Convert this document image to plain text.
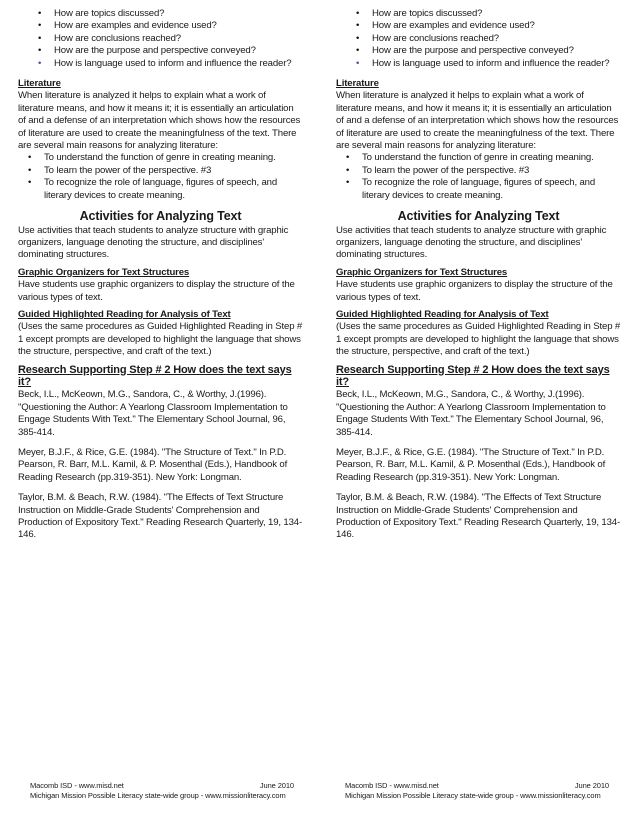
• How are topics discussed?
• How are examples and evidence used?
• How are conclusions reached?
• How are the purpose and perspective conveyed?
• How is language used to inform and influence the reader?
Literature

When literature is analyzed it helps to explain what a work of literature means, and how it means it; it is essentially an articulation of and a defense of an interpretation which shows how the resources of literature are used to create the meaningfulness of the text. There are several main reasons for analyzing literature:

• To understand the function of genre in creating meaning.
• To learn the power of the perspective. #3
• To recognize the role of language, figures of speech, and literary devices to create meaning.
Activities for Analyzing Text

Use activities that teach students to analyze structure with graphic organizers, language denoting the structure, and disciplines' dominating structures.

Graphic Organizers for Text Structures

Have students use graphic organizers to display the structure of the various types of text.

Guided Highlighted Reading for Analysis of Text

(Uses the same procedures as Guided Highlighted Reading in Step # 1 except prompts are developed to highlight the language that shows the structure, perspective, and craft of the text.)

Research Supporting Step # 2 How does the text says it?

Beck, I.L., McKeown, M.G., Sandora, C., & Worthy, J.(1996). "Questioning the Author: A Yearlong Classroom Implementation to Engage Students With Text." The Elementary School Journal, 96, 385-414.

Meyer, B.J.F., & Rice, G.E. (1984). "The Structure of Text." In P.D. Pearson, R. Barr, M.L. Kamil, & P. Mosenthal (Eds.), Handbook of Reading Research (pp.319-351). New York: Longman.

Taylor, B.M. & Beach, R.W. (1984). "The Effects of Text Structure Instruction on Middle-Grade Students' Comprehension and Production of Expository Text." Reading Research Quarterly, 19, 134-146.

• How are topics discussed?
• How are examples and evidence used?
• How are conclusions reached?
• How are the purpose and perspective conveyed?
• How is language used to inform and influence the reader?
Literature

When literature is analyzed it helps to explain what a work of literature means, and how it means it; it is essentially an articulation of and a defense of an interpretation which shows how the resources of literature are used to create the meaningfulness of the text. There are several main reasons for analyzing literature:

• To understand the function of genre in creating meaning.
• To learn the power of the perspective. #3
• To recognize the role of language, figures of speech, and literary devices to create meaning.
Activities for Analyzing Text

Use activities that teach students to analyze structure with graphic organizers, language denoting the structure, and disciplines' dominating structures.

Graphic Organizers for Text Structures

Have students use graphic organizers to display the structure of the various types of text.

Guided Highlighted Reading for Analysis of Text

(Uses the same procedures as Guided Highlighted Reading in Step # 1 except prompts are developed to highlight the language that shows the structure, perspective, and craft of the text.)

Research Supporting Step # 2 How does the text says it?

Beck, I.L., McKeown, M.G., Sandora, C., & Worthy, J.(1996). "Questioning the Author: A Yearlong Classroom Implementation to Engage Students With Text." The Elementary School Journal, 96, 385-414.

Meyer, B.J.F., & Rice, G.E. (1984). "The Structure of Text." In P.D. Pearson, R. Barr, M.L. Kamil, & P. Mosenthal (Eds.), Handbook of Reading Research (pp.319-351). New York: Longman.

Taylor, B.M. & Beach, R.W. (1984). "The Effects of Text Structure Instruction on Middle-Grade Students' Comprehension and Production of Expository Text." Reading Research Quarterly, 19, 134-146.

Macomb ISD - www.misd.net	June 2010
Michigan Mission Possible Literacy state-wide group - www.missionliteracy.com
Macomb ISD - www.misd.net	June 2010
Michigan Mission Possible Literacy state-wide group - www.missionliteracy.com
